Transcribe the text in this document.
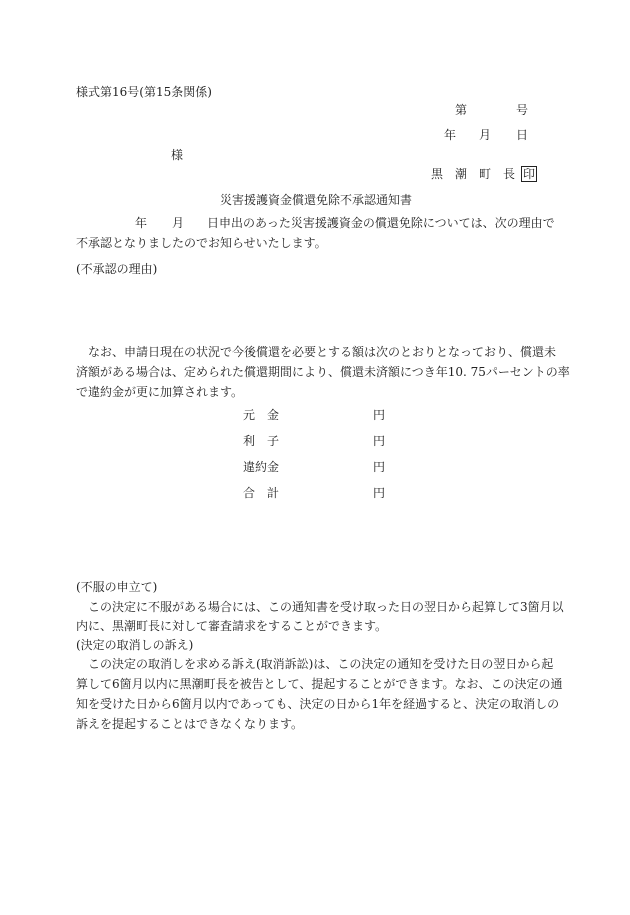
様式第16号(第15条関係)
第	号
年 月 日
様
黒　潮　町　長 印
災害援護資金償還免除不承認通知書
年 月 日申出のあった災害援護資金の償還免除については、次の理由で
不承認となりましたのでお知らせいたします。
(不承認の理由)
　なお、申請日現在の状況で今後償還を必要とする額は次のとおりとなっており、償還未
済額がある場合は、定められた償還期間により、償還未済額につき年10. 75パーセントの率
で違約金が更に加算されます。
元　金	円
利　子	円
違約金	円
合　計	円
(不服の申立て)
　この決定に不服がある場合には、この通知書を受け取った日の翌日から起算して3箇月以
内に、黒潮町長に対して審査請求をすることができます。
(決定の取消しの訴え)
　この決定の取消しを求める訴え(取消訴訟)は、この決定の通知を受けた日の翌日から起
算して6箇月以内に黒潮町長を被告として、提起することができます。なお、この決定の通
知を受けた日から6箇月以内であっても、決定の日から1年を経過すると、決定の取消しの
訴えを提起することはできなくなります。
